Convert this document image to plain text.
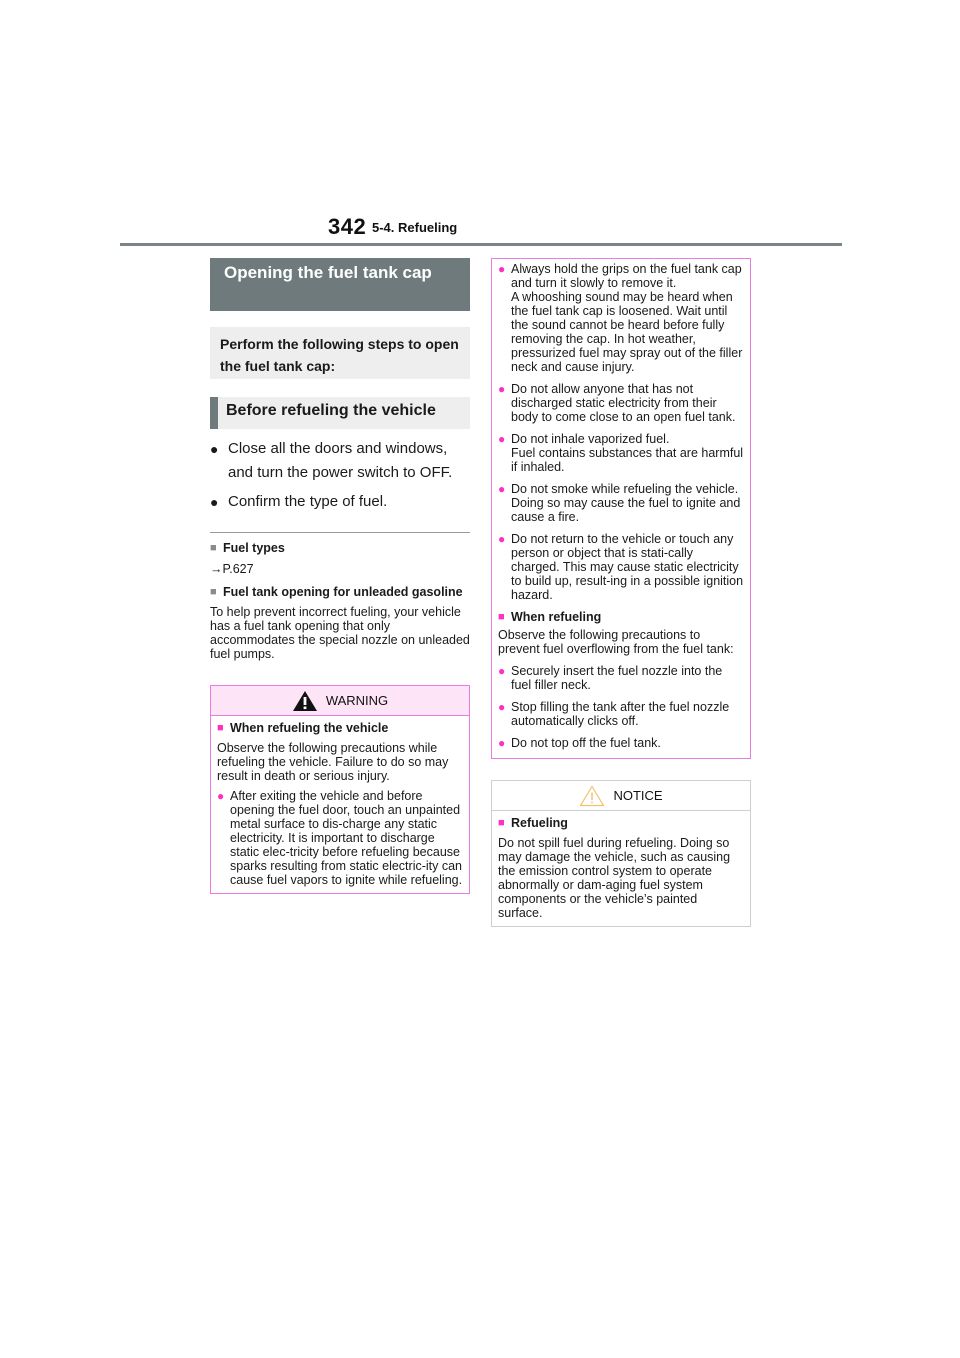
342 5-4. Refueling
Opening the fuel tank cap
Perform the following steps to open the fuel tank cap:
Before refueling the vehicle
● Close all the doors and windows, and turn the power switch to OFF.
● Confirm the type of fuel.
■ Fuel types
→P.627
■ Fuel tank opening for unleaded gasoline
To help prevent incorrect fueling, your vehicle has a fuel tank opening that only accommodates the special nozzle on unleaded fuel pumps.
WARNING
■ When refueling the vehicle
Observe the following precautions while refueling the vehicle. Failure to do so may result in death or serious injury.
● After exiting the vehicle and before opening the fuel door, touch an unpainted metal surface to dis-charge any static electricity. It is important to discharge static elec-tricity before refueling because sparks resulting from static electric-ity can cause fuel vapors to ignite while refueling.
● Always hold the grips on the fuel tank cap and turn it slowly to remove it.
A whooshing sound may be heard when the fuel tank cap is loosened. Wait until the sound cannot be heard before fully removing the cap. In hot weather, pressurized fuel may spray out of the filler neck and cause injury.
● Do not allow anyone that has not discharged static electricity from their body to come close to an open fuel tank.
● Do not inhale vaporized fuel.
Fuel contains substances that are harmful if inhaled.
● Do not smoke while refueling the vehicle.
Doing so may cause the fuel to ignite and cause a fire.
● Do not return to the vehicle or touch any person or object that is stati-cally charged. This may cause static electricity to build up, result-ing in a possible ignition hazard.
■ When refueling
Observe the following precautions to prevent fuel overflowing from the fuel tank:
● Securely insert the fuel nozzle into the fuel filler neck.
● Stop filling the tank after the fuel nozzle automatically clicks off.
● Do not top off the fuel tank.
NOTICE
■ Refueling
Do not spill fuel during refueling. Doing so may damage the vehicle, such as causing the emission control system to operate abnormally or dam-aging fuel system components or the vehicle’s painted surface.
